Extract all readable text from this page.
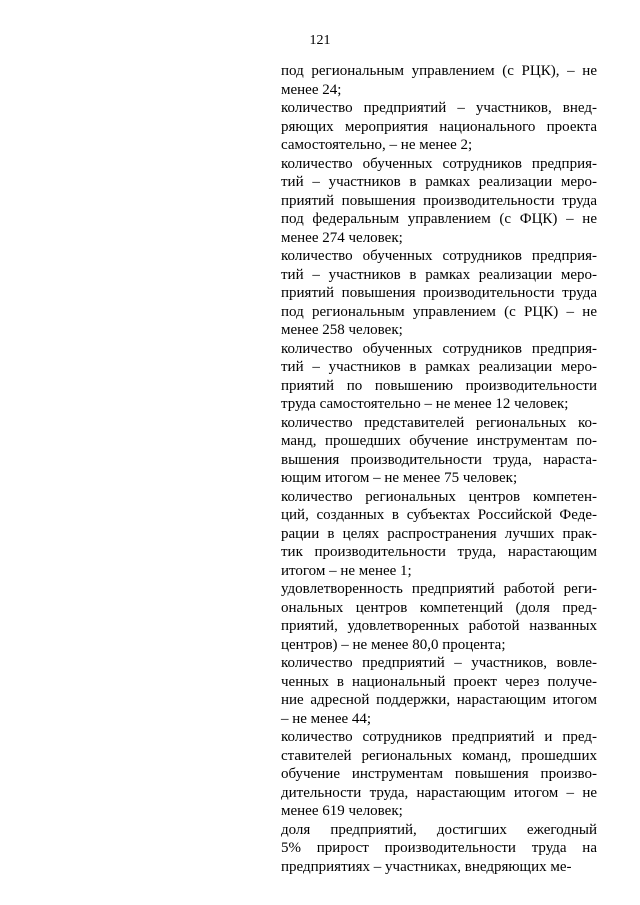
121
под региональным управлением (с РЦК), – не
менее 24;
количество предприятий – участников, внед-
ряющих мероприятия национального проекта
самостоятельно, – не менее 2;
количество обученных сотрудников предприя-
тий – участников в рамках реализации меро-
приятий повышения производительности труда
под федеральным управлением (с ФЦК) – не
менее 274 человек;
количество обученных сотрудников предприя-
тий – участников в рамках реализации меро-
приятий повышения производительности труда
под региональным управлением (с РЦК) – не
менее 258 человек;
количество обученных сотрудников предприя-
тий – участников в рамках реализации меро-
приятий по повышению производительности
труда самостоятельно – не менее 12 человек;
количество представителей региональных ко-
манд, прошедших обучение инструментам по-
вышения производительности труда, нараста-
ющим итогом – не менее 75 человек;
количество региональных центров компетен-
ций, созданных в субъектах Российской Феде-
рации в целях распространения лучших прак-
тик производительности труда, нарастающим
итогом – не менее 1;
удовлетворенность предприятий работой реги-
ональных центров компетенций (доля пред-
приятий, удовлетворенных работой названных
центров) – не менее 80,0 процента;
количество предприятий – участников, вовле-
ченных в национальный проект через получе-
ние адресной поддержки, нарастающим итогом
– не менее 44;
количество сотрудников предприятий и пред-
ставителей региональных команд, прошедших
обучение инструментам повышения произво-
дительности труда, нарастающим итогом – не
менее 619 человек;
доля предприятий, достигших ежегодный
5% прирост производительности труда на
предприятиях – участниках, внедряющих ме-
